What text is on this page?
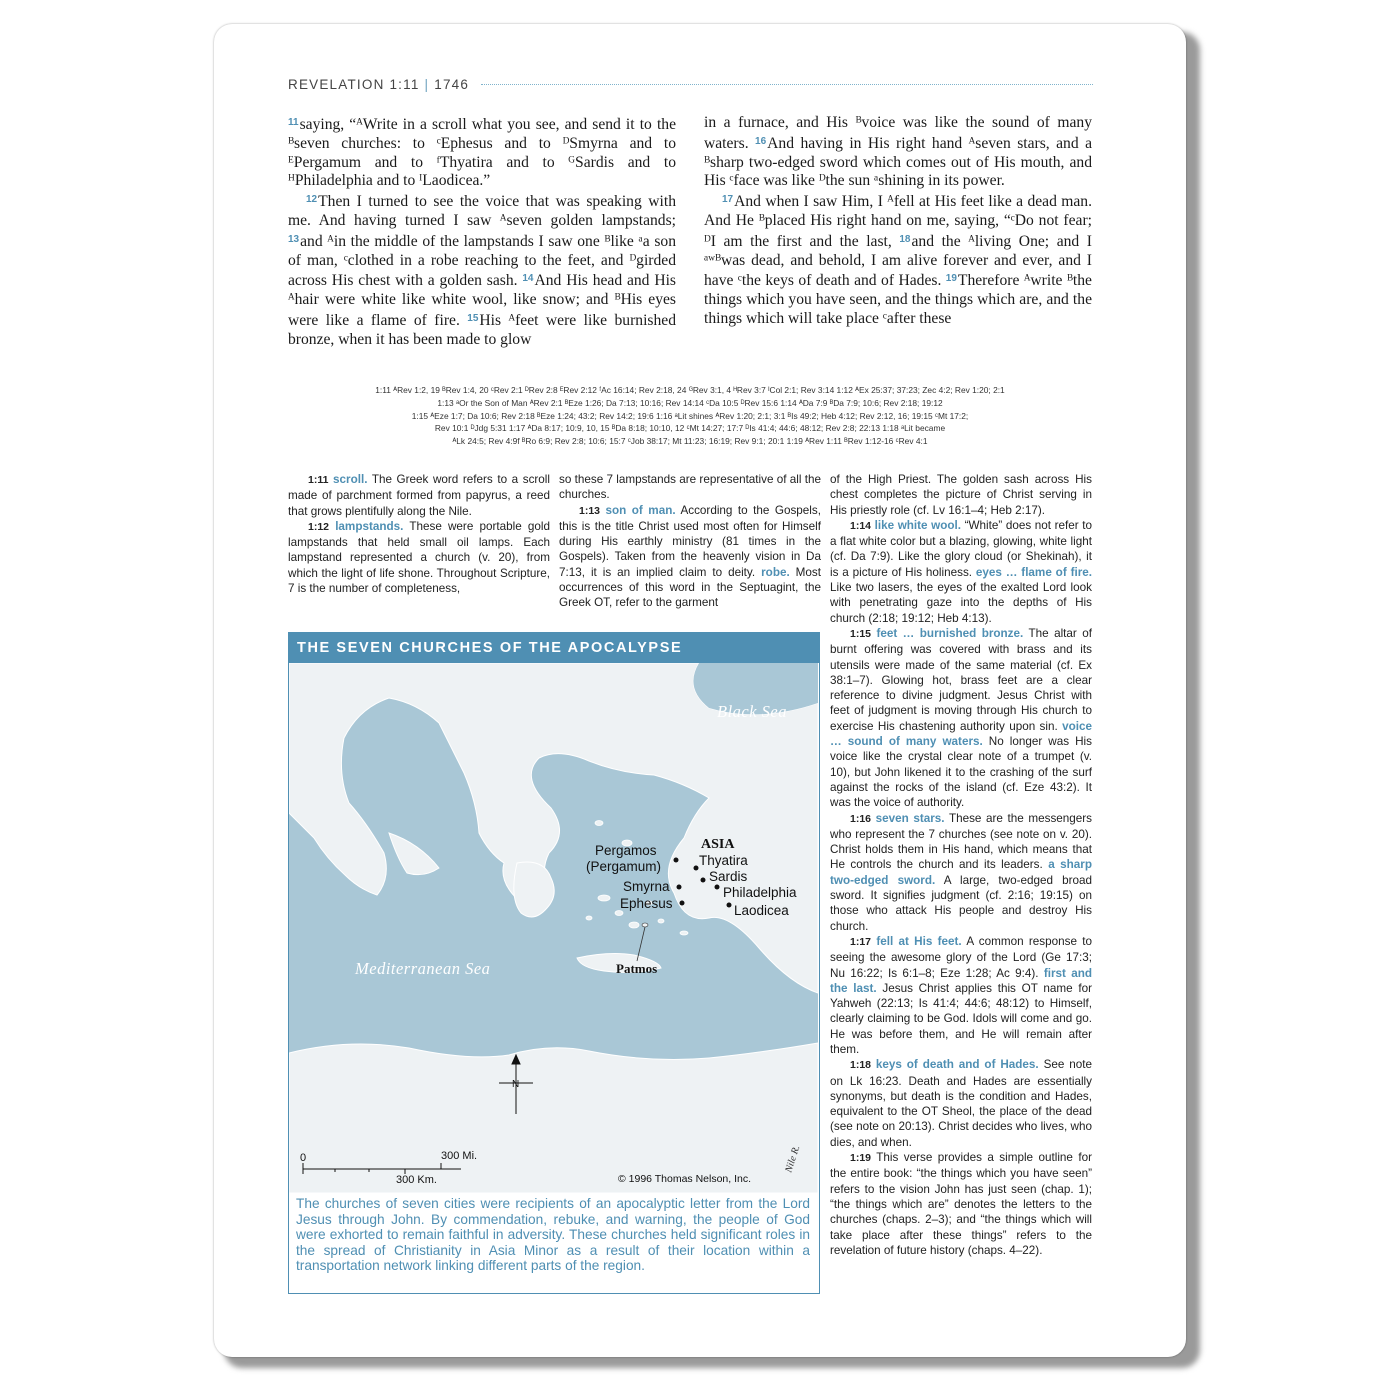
REVELATION 1:11 | 1746

$^{11}$saying, “ᴬWrite in a scroll what you see, and send it to the ᴮseven churches: to ᶜEphesus and to ᴰSmyrna and to ᴱPergamum and to ᶠThyatira and to ᴳSardis and to ᴴPhiladelphia and to ᴵLaodicea.”

$^{12}$Then I turned to see the voice that was speaking with me. And having turned I saw ᴬseven golden lampstands; $^{13}$and ᴬin the middle of the lampstands I saw one ᴮlike ᵃa son of man, ᶜclothed in a robe reaching to the feet, and ᴰgirded across His chest with a golden sash. $^{14}$And His head and His ᴬhair were white like white wool, like snow; and ᴮHis eyes were like a flame of fire. $^{15}$His ᴬfeet were like burnished bronze, when it has been made to glow

in a furnace, and His ᴮvoice was like the sound of many waters. $^{16}$And having in His right hand ᴬseven stars, and a ᴮsharp two-edged sword which comes out of His mouth, and His ᶜface was like ᴰthe sun ᵃshining in its power.

$^{17}$And when I saw Him, I ᴬfell at His feet like a dead man. And He ᴮplaced His right hand on me, saying, “ᶜDo not fear; ᴰI am the first and the last, $^{18}$and the ᴬliving One; and I ᵃʷᴮwas dead, and behold, I am alive forever and ever, and I have ᶜthe keys of death and of Hades. $^{19}$Therefore ᴬwrite ᴮthe things which you have seen, and the things which are, and the things which will take place ᶜafter these

1:11 ᴬRev 1:2, 19 ᴮRev 1:4, 20 ᶜRev 2:1 ᴰRev 2:8 ᴱRev 2:12 ᶠAc 16:14; Rev 2:18, 24 ᴳRev 3:1, 4 ᴴRev 3:7 ᴵCol 2:1; Rev 3:14 1:12 ᴬEx 25:37; 37:23; Zec 4:2; Rev 1:20; 2:1
1:13 ᵃOr the Son of Man ᴬRev 2:1 ᴮEze 1:26; Da 7:13; 10:16; Rev 14:14 ᶜDa 10:5 ᴰRev 15:6 1:14 ᴬDa 7:9 ᴮDa 7:9; 10:6; Rev 2:18; 19:12
1:15 ᴬEze 1:7; Da 10:6; Rev 2:18 ᴮEze 1:24; 43:2; Rev 14:2; 19:6 1:16 ᵃLit shines ᴬRev 1:20; 2:1; 3:1 ᴮIs 49:2; Heb 4:12; Rev 2:12, 16; 19:15 ᶜMt 17:2;
Rev 10:1 ᴰJdg 5:31 1:17 ᴬDa 8:17; 10:9, 10, 15 ᴮDa 8:18; 10:10, 12 ᶜMt 14:27; 17:7 ᴰIs 41:4; 44:6; 48:12; Rev 2:8; 22:13 1:18 ᵃLit became
ᴬLk 24:5; Rev 4:9f ᴮRo 6:9; Rev 2:8; 10:6; 15:7 ᶜJob 38:17; Mt 11:23; 16:19; Rev 9:1; 20:1 1:19 ᴬRev 1:11 ᴮRev 1:12-16 ᶜRev 4:1

1:11 scroll. The Greek word refers to a scroll made of parchment formed from papyrus, a reed that grows plentifully along the Nile.

1:12 lampstands. These were portable gold lampstands that held small oil lamps. Each lampstand represented a church (v. 20), from which the light of life shone. Throughout Scripture, 7 is the number of completeness,

so these 7 lampstands are representative of all the churches.

1:13 son of man. According to the Gospels, this is the title Christ used most often for Himself during His earthly ministry (81 times in the Gospels). Taken from the heavenly vision in Da 7:13, it is an implied claim to deity. robe. Most occurrences of this word in the Septuagint, the Greek OT, refer to the garment

of the High Priest. The golden sash across His chest completes the picture of Christ serving in His priestly role (cf. Lv 16:1–4; Heb 2:17).

1:14 like white wool. “White” does not refer to a flat white color but a blazing, glowing, white light (cf. Da 7:9). Like the glory cloud (or Shekinah), it is a picture of His holiness. eyes … flame of fire. Like two lasers, the eyes of the exalted Lord look with penetrating gaze into the depths of His church (2:18; 19:12; Heb 4:13).

1:15 feet … burnished bronze. The altar of burnt offering was covered with brass and its utensils were made of the same material (cf. Ex 38:1–7). Glowing hot, brass feet are a clear reference to divine judgment. Jesus Christ with feet of judgment is moving through His church to exercise His chastening authority upon sin. voice … sound of many waters. No longer was His voice like the crystal clear note of a trumpet (v. 10), but John likened it to the crashing of the surf against the rocks of the island (cf. Eze 43:2). It was the voice of authority.

1:16 seven stars. These are the messengers who represent the 7 churches (see note on v. 20). Christ holds them in His hand, which means that He controls the church and its leaders. a sharp two-edged sword. A large, two-edged broad sword. It signifies judgment (cf. 2:16; 19:15) on those who attack His people and destroy His church.

1:17 fell at His feet. A common response to seeing the awesome glory of the Lord (Ge 17:3; Nu 16:22; Is 6:1–8; Eze 1:28; Ac 9:4). first and the last. Jesus Christ applies this OT name for Yahweh (22:13; Is 41:4; 44:6; 48:12) to Himself, clearly claiming to be God. Idols will come and go. He was before them, and He will remain after them.

1:18 keys of death and of Hades. See note on Lk 16:23. Death and Hades are essentially synonyms, but death is the condition and Hades, equivalent to the OT Sheol, the place of the dead (see note on 20:13). Christ decides who lives, who dies, and when.

1:19 This verse provides a simple outline for the entire book: “the things which you have seen” refers to the vision John has just seen (chap. 1); “the things which are” denotes the letters to the churches (chaps. 2–3); and “the things which will take place after these things” refers to the revelation of future history (chaps. 4–22).

THE SEVEN CHURCHES OF THE APOCALYPSE
Pergamos
(Pergamum)	Thyatira
Sardis
Smyrna	Philadelphia
Ephesus	Laodicea
ASIA
Patmos
Black Sea
Mediterranean Sea
Nile R.
N
0	300 Mi.
300 Km.	© 1996 Thomas Nelson, Inc.
The churches of seven cities were recipients of an apocalyptic letter from the Lord Jesus through John. By commendation, rebuke, and warning, the people of God were exhorted to remain faithful in adversity. These churches held significant roles in the spread of Christianity in Asia Minor as a result of their location within a transportation network linking different parts of the region.
